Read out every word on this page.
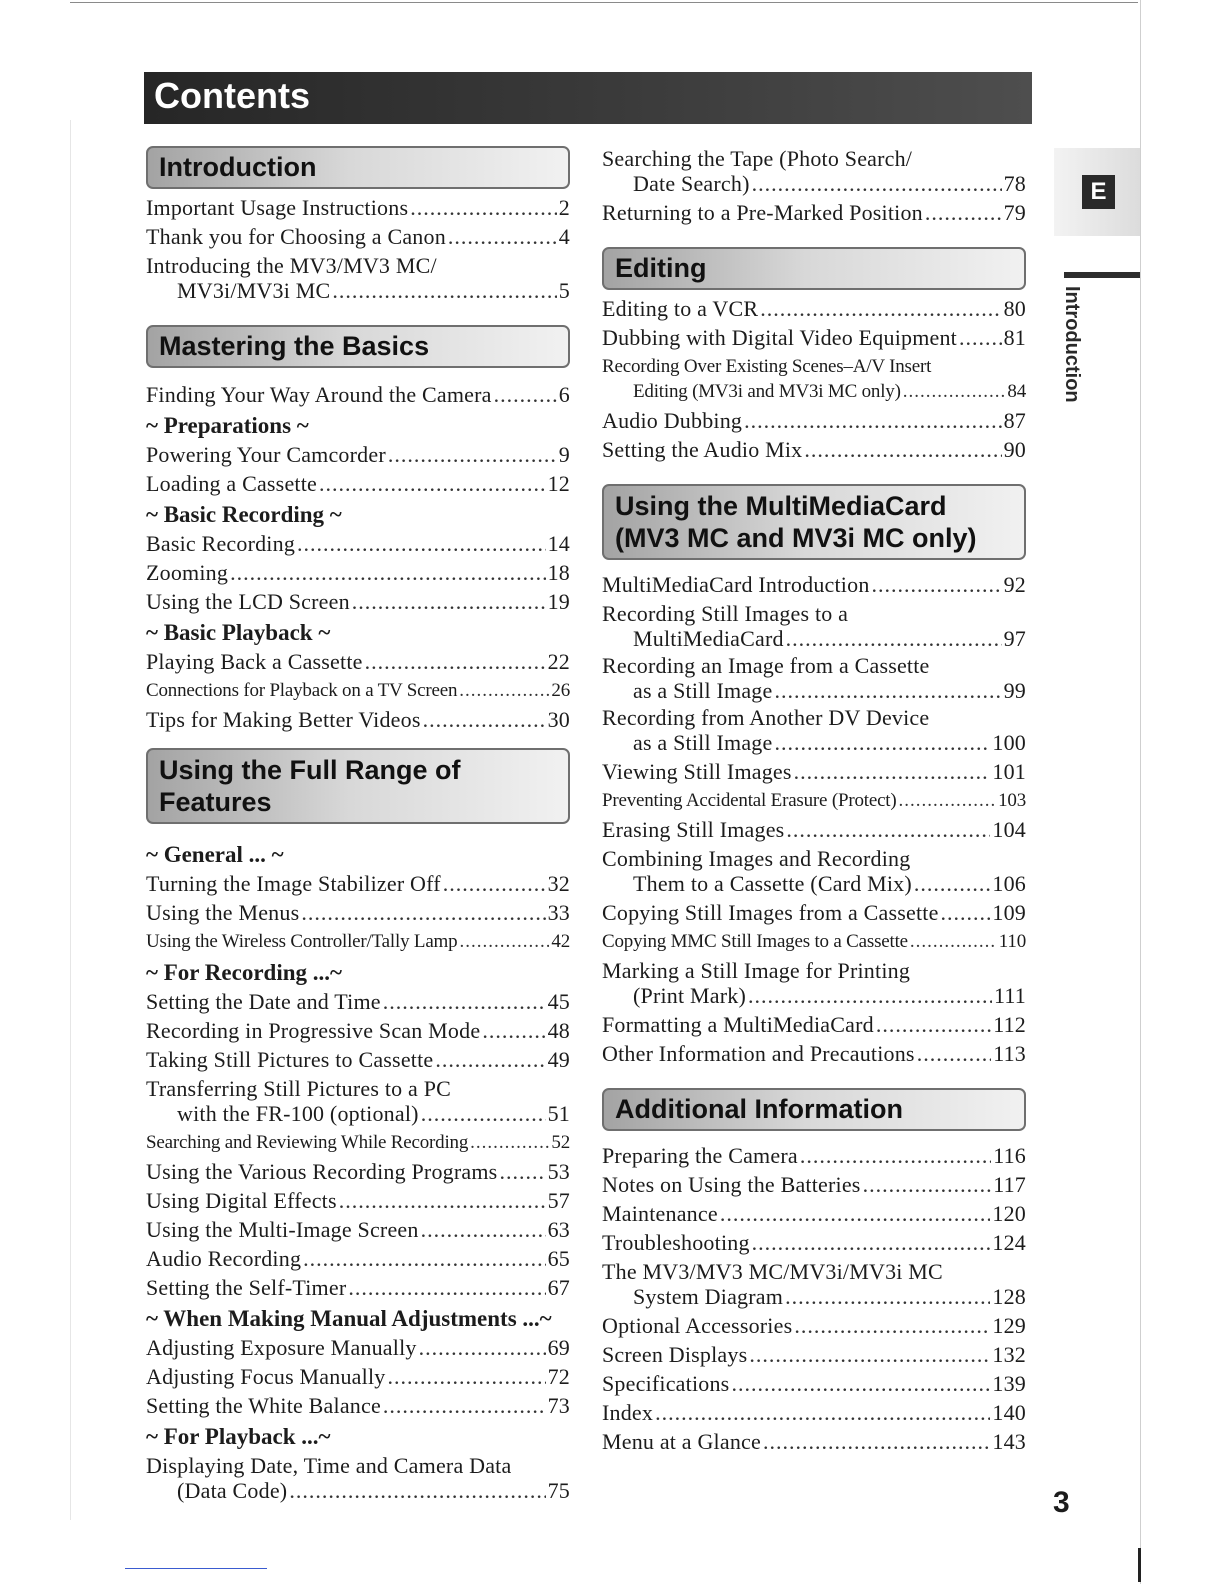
Contents
E
Introduction
3
Introduction
Important Usage Instructions .....	2
Thank you for Choosing a Canon .....	4
Introducing the MV3/MV3 MC/
MV3i/MV3i MC .....	5
Mastering the Basics
Finding Your Way Around the Camera .....	6
~ Preparations ~
Powering Your Camcorder .....	9
Loading a Cassette .....	12
~ Basic Recording ~
Basic Recording .....	14
Zooming .....	18
Using the LCD Screen .....	19
~ Basic Playback ~
Playing Back a Cassette .....	22
Connections for Playback on a TV Screen .....	26
Tips for Making Better Videos .....	30
Using the Full Range of
Features
~ General ... ~
Turning the Image Stabilizer Off .....	32
Using the Menus .....	33
Using the Wireless Controller/Tally Lamp .....	42
~ For Recording ...~
Setting the Date and Time .....	45
Recording in Progressive Scan Mode .....	48
Taking Still Pictures to Cassette .....	49
Transferring Still Pictures to a PC
with the FR-100 (optional) .....	51
Searching and Reviewing While Recording .....	52
Using the Various Recording Programs ..... 53
Using Digital Effects .....	57
Using the Multi-Image Screen .....	63
Audio Recording .....	65
Setting the Self-Timer .....	67
~ When Making Manual Adjustments ...~
Adjusting Exposure Manually .....	69
Adjusting Focus Manually .....	72
Setting the White Balance .....	73
~ For Playback ...~
Displaying Date, Time and Camera Data
(Data Code) .....	75
Searching the Tape (Photo Search/
Date Search) .....	78
Returning to a Pre-Marked Position .....	79
Editing
Editing to a VCR .....	80
Dubbing with Digital Video Equipment ..... 81
Recording Over Existing Scenes–A/V Insert
Editing (MV3i and MV3i MC only) .....	84
Audio Dubbing .....	87
Setting the Audio Mix .....	90
Using the MultiMediaCard
(MV3 MC and MV3i MC only)
MultiMediaCard Introduction .....	92
Recording Still Images to a
MultiMediaCard .....	97
Recording an Image from a Cassette
as a Still Image .....	99
Recording from Another DV Device
as a Still Image .....	100
Viewing Still Images .....	101
Preventing Accidental Erasure (Protect) .....	103
Erasing Still Images .....	104
Combining Images and Recording
Them to a Cassette (Card Mix) .....	106
Copying Still Images from a Cassette ..... 109
Copying MMC Still Images to a Cassette .....	110
Marking a Still Image for Printing
(Print Mark) .....	111
Formatting a MultiMediaCard .....	112
Other Information and Precautions .....	113
Additional Information
Preparing the Camera .....	116
Notes on Using the Batteries .....	117
Maintenance .....	120
Troubleshooting .....	124
The MV3/MV3 MC/MV3i/MV3i MC
System Diagram .....	128
Optional Accessories .....	129
Screen Displays .....	132
Specifications .....	139
Index .....	140
Menu at a Glance .....	143
